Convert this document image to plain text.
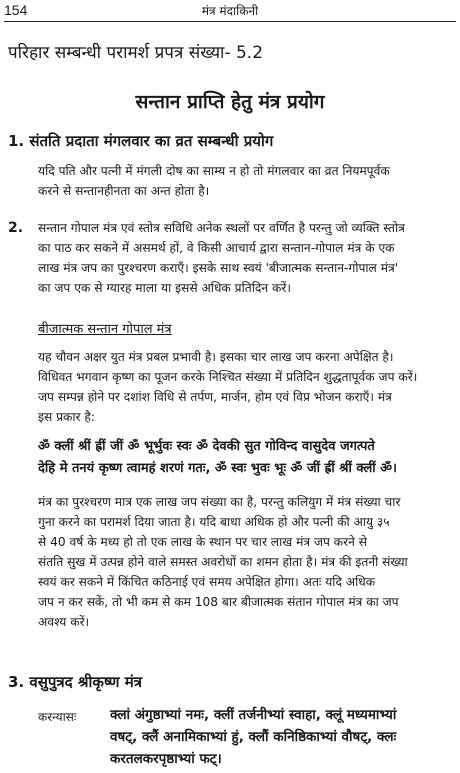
154	मंत्र मंदाकिनी
परिहार सम्बन्धी परामर्श प्रपत्र संख्या- 5.2
सन्तान प्राप्ति हेतु मंत्र प्रयोग
1. संतति प्रदाता मंगलवार का व्रत सम्बन्धी प्रयोग
यदि पति और पत्नी में मंगली दोष का साम्य न हो तो मंगलवार का व्रत नियमपूर्वक
करने से सन्तानहीनता का अन्त होता है।
2. सन्तान गोपाल मंत्र एवं स्तोत्र सविधि अनेक स्थलों पर वर्णित है परन्तु जो व्यक्ति स्तोत्र
का पाठ कर सकने में असमर्थ हों, वे किसी आचार्य द्वारा सन्तान-गोपाल मंत्र के एक
लाख मंत्र जप का पुरश्चरण कराएँ। इसके साथ स्वयं 'बीजात्मक सन्तान-गोपाल मंत्र'
का जप एक से ग्यारह माला या इससे अधिक प्रतिदिन करें।
बीजात्मक सन्तान गोपाल मंत्र
यह चौवन अक्षर युत मंत्र प्रबल प्रभावी है। इसका चार लाख जप करना अपेक्षित है।
विधिवत भगवान कृष्ण का पूजन करके निश्चित संख्या में प्रतिदिन शुद्धतापूर्वक जप करें।
जप सम्पन्न होने पर दशांश विधि से तर्पण, मार्जन, होम एवं विप्र भोजन कराएँ। मंत्र
इस प्रकार है:
ॐ क्लीं श्रीं ह्रीं जीं ॐ भूर्भुवः स्वः ॐ देवकी सुत गोविन्द वासुदेव जगत्पते
देहि मे तनयं कृष्ण त्वामहं शरणं गतः, ॐ स्वः भुवः भूः ॐ जीं ह्रीं श्रीं क्लीं ॐ।
मंत्र का पुरश्चरण मात्र एक लाख जप संख्या का है, परन्तु कलियुग में मंत्र संख्या चार
गुना करने का परामर्श दिया जाता है। यदि बाधा अधिक हो और पत्नी की आयु ३५
से 40 वर्ष के मध्य हो तो एक लाख के स्थान पर चार लाख मंत्र जप करने से
संतति सुख में उत्पन्न होने वाले समस्त अवरोधों का शमन होता है। मंत्र की इतनी संख्या
स्वयं कर सकने में किंचित कठिनाई एवं समय अपेक्षित होगा। अतः यदि अधिक
जप न कर सकें, तो भी कम से कम 108 बार बीजात्मक संतान गोपाल मंत्र का जप
अवश्य करें।
3. वसुपुत्रद श्रीकृष्ण मंत्र
करन्यासः क्लां अंगुष्ठाभ्यां नमः, क्लीं तर्जनीभ्यां स्वाहा, क्लूं मध्यमाभ्यां
वषट्, क्लैं अनामिकाभ्यां हुं, क्लौं कनिष्ठिकाभ्यां वौषट्, क्लः
करतलकरपृष्ठाभ्यां फट्।
